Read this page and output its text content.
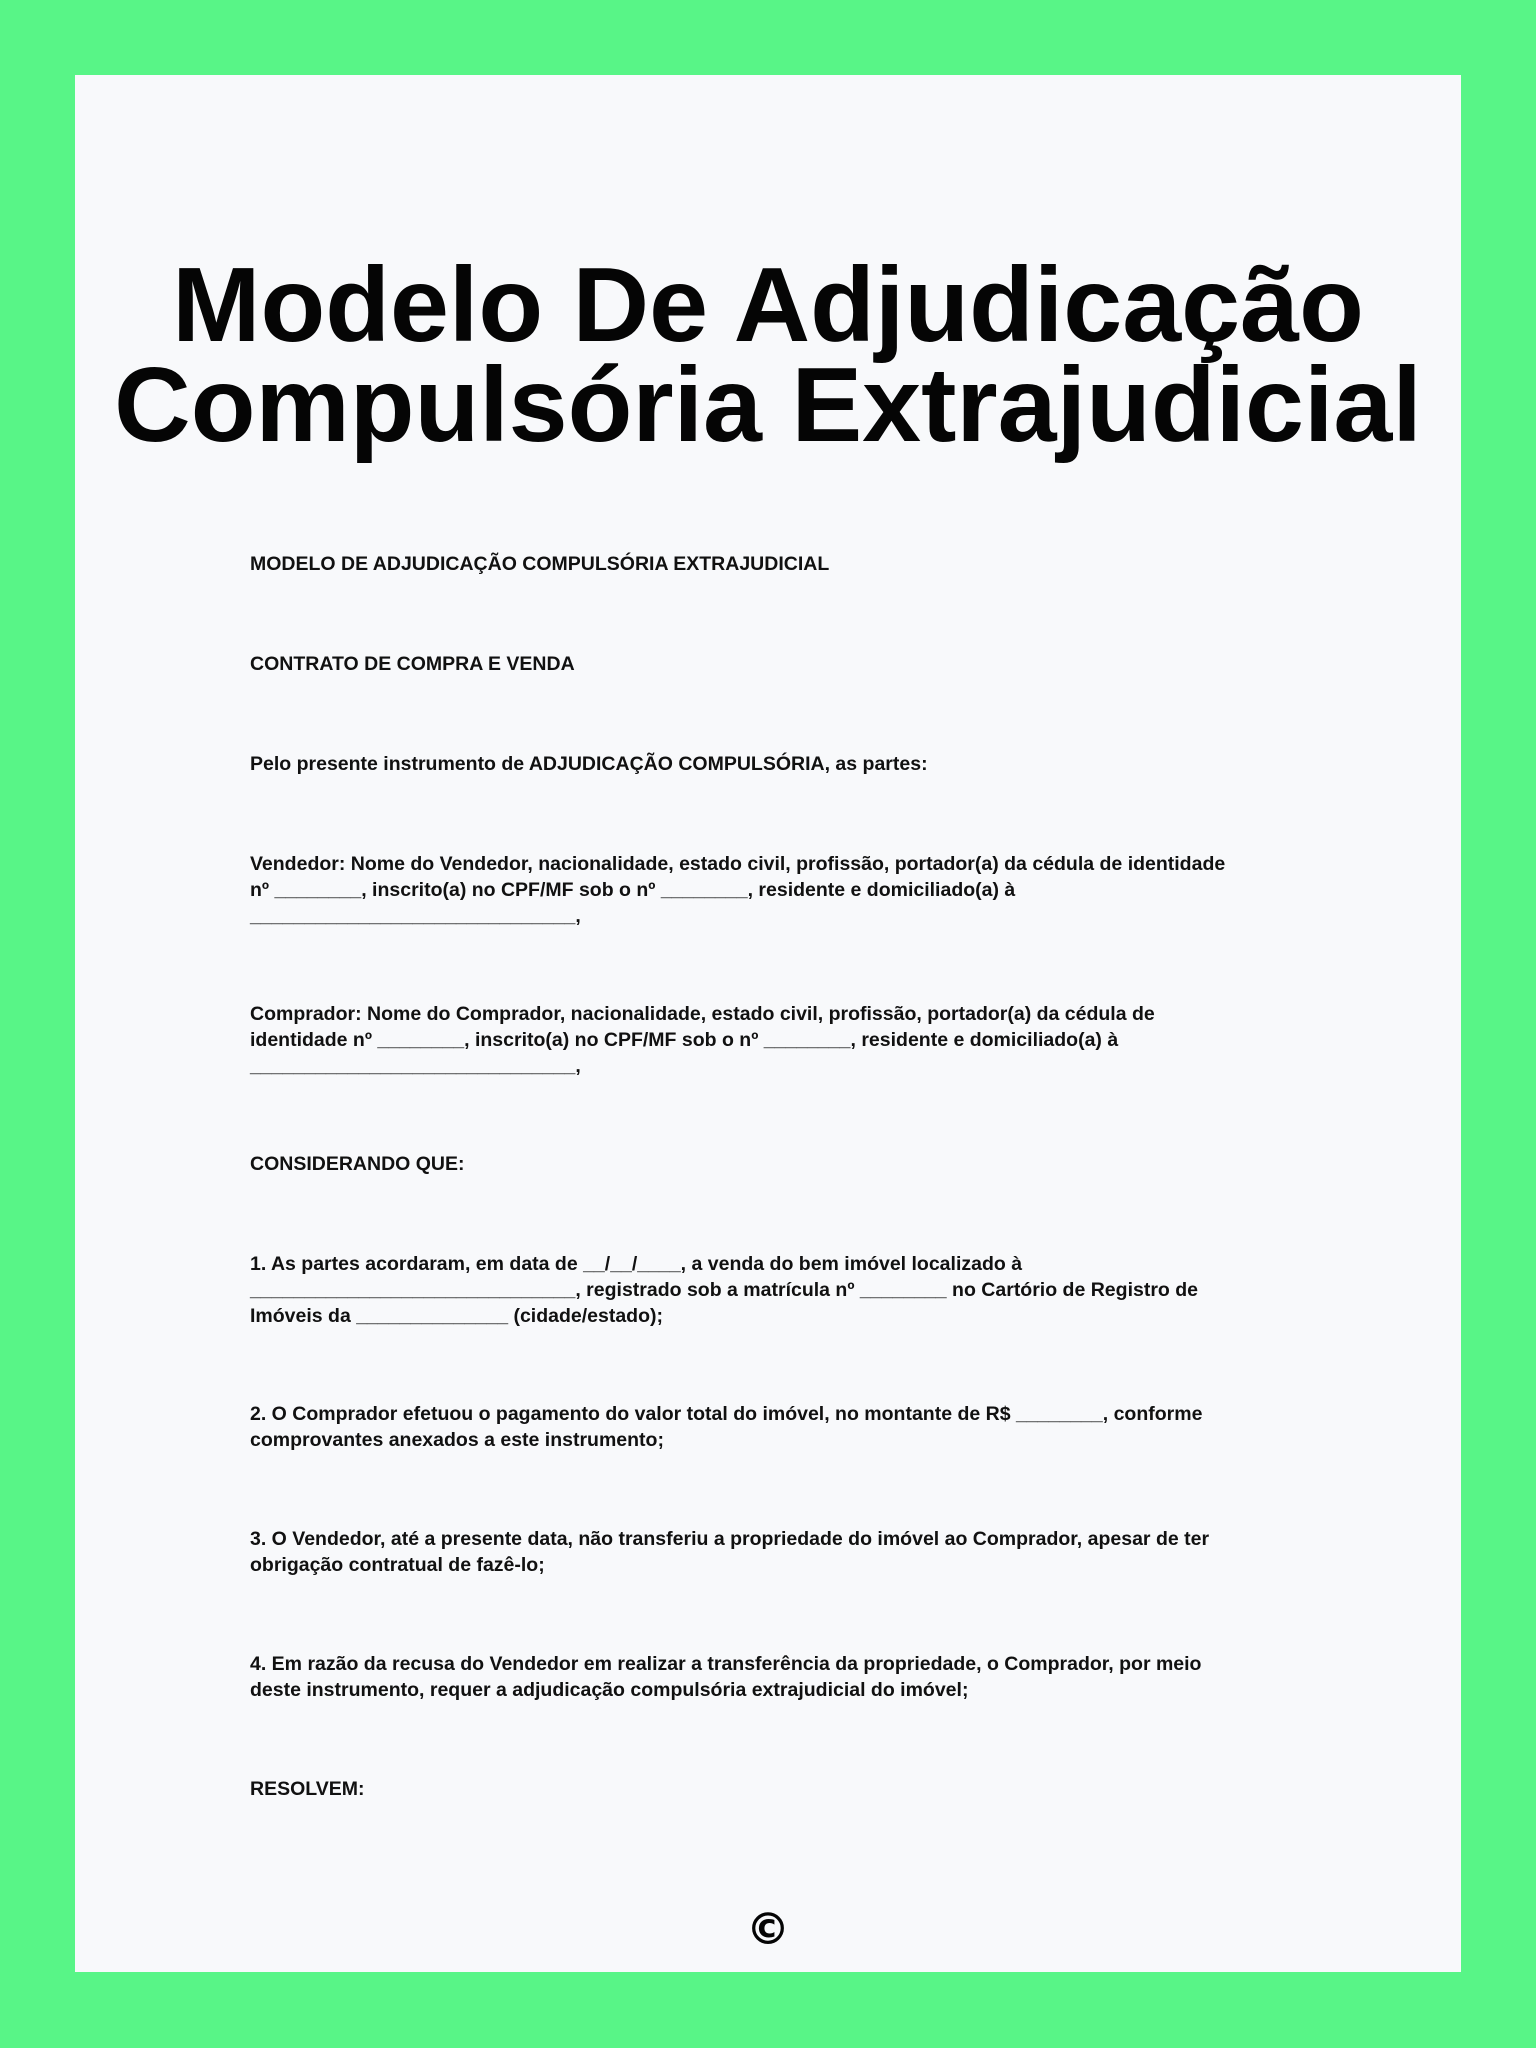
Modelo De Adjudicação
Compulsória Extrajudicial

MODELO DE ADJUDICAÇÃO COMPULSÓRIA EXTRAJUDICIAL

CONTRATO DE COMPRA E VENDA

Pelo presente instrumento de ADJUDICAÇÃO COMPULSÓRIA, as partes:

Vendedor: Nome do Vendedor, nacionalidade, estado civil, profissão, portador(a) da cédula de identidade
nº ________, inscrito(a) no CPF/MF sob o nº ________, residente e domiciliado(a) à
______________________________,

Comprador: Nome do Comprador, nacionalidade, estado civil, profissão, portador(a) da cédula de
identidade nº ________, inscrito(a) no CPF/MF sob o nº ________, residente e domiciliado(a) à
______________________________,

CONSIDERANDO QUE:

1. As partes acordaram, em data de __/__/____, a venda do bem imóvel localizado à
______________________________, registrado sob a matrícula nº ________ no Cartório de Registro de
Imóveis da ______________ (cidade/estado);

2. O Comprador efetuou o pagamento do valor total do imóvel, no montante de R$ ________, conforme
comprovantes anexados a este instrumento;

3. O Vendedor, até a presente data, não transferiu a propriedade do imóvel ao Comprador, apesar de ter
obrigação contratual de fazê-lo;

4. Em razão da recusa do Vendedor em realizar a transferência da propriedade, o Comprador, por meio
deste instrumento, requer a adjudicação compulsória extrajudicial do imóvel;

RESOLVEM:

©
